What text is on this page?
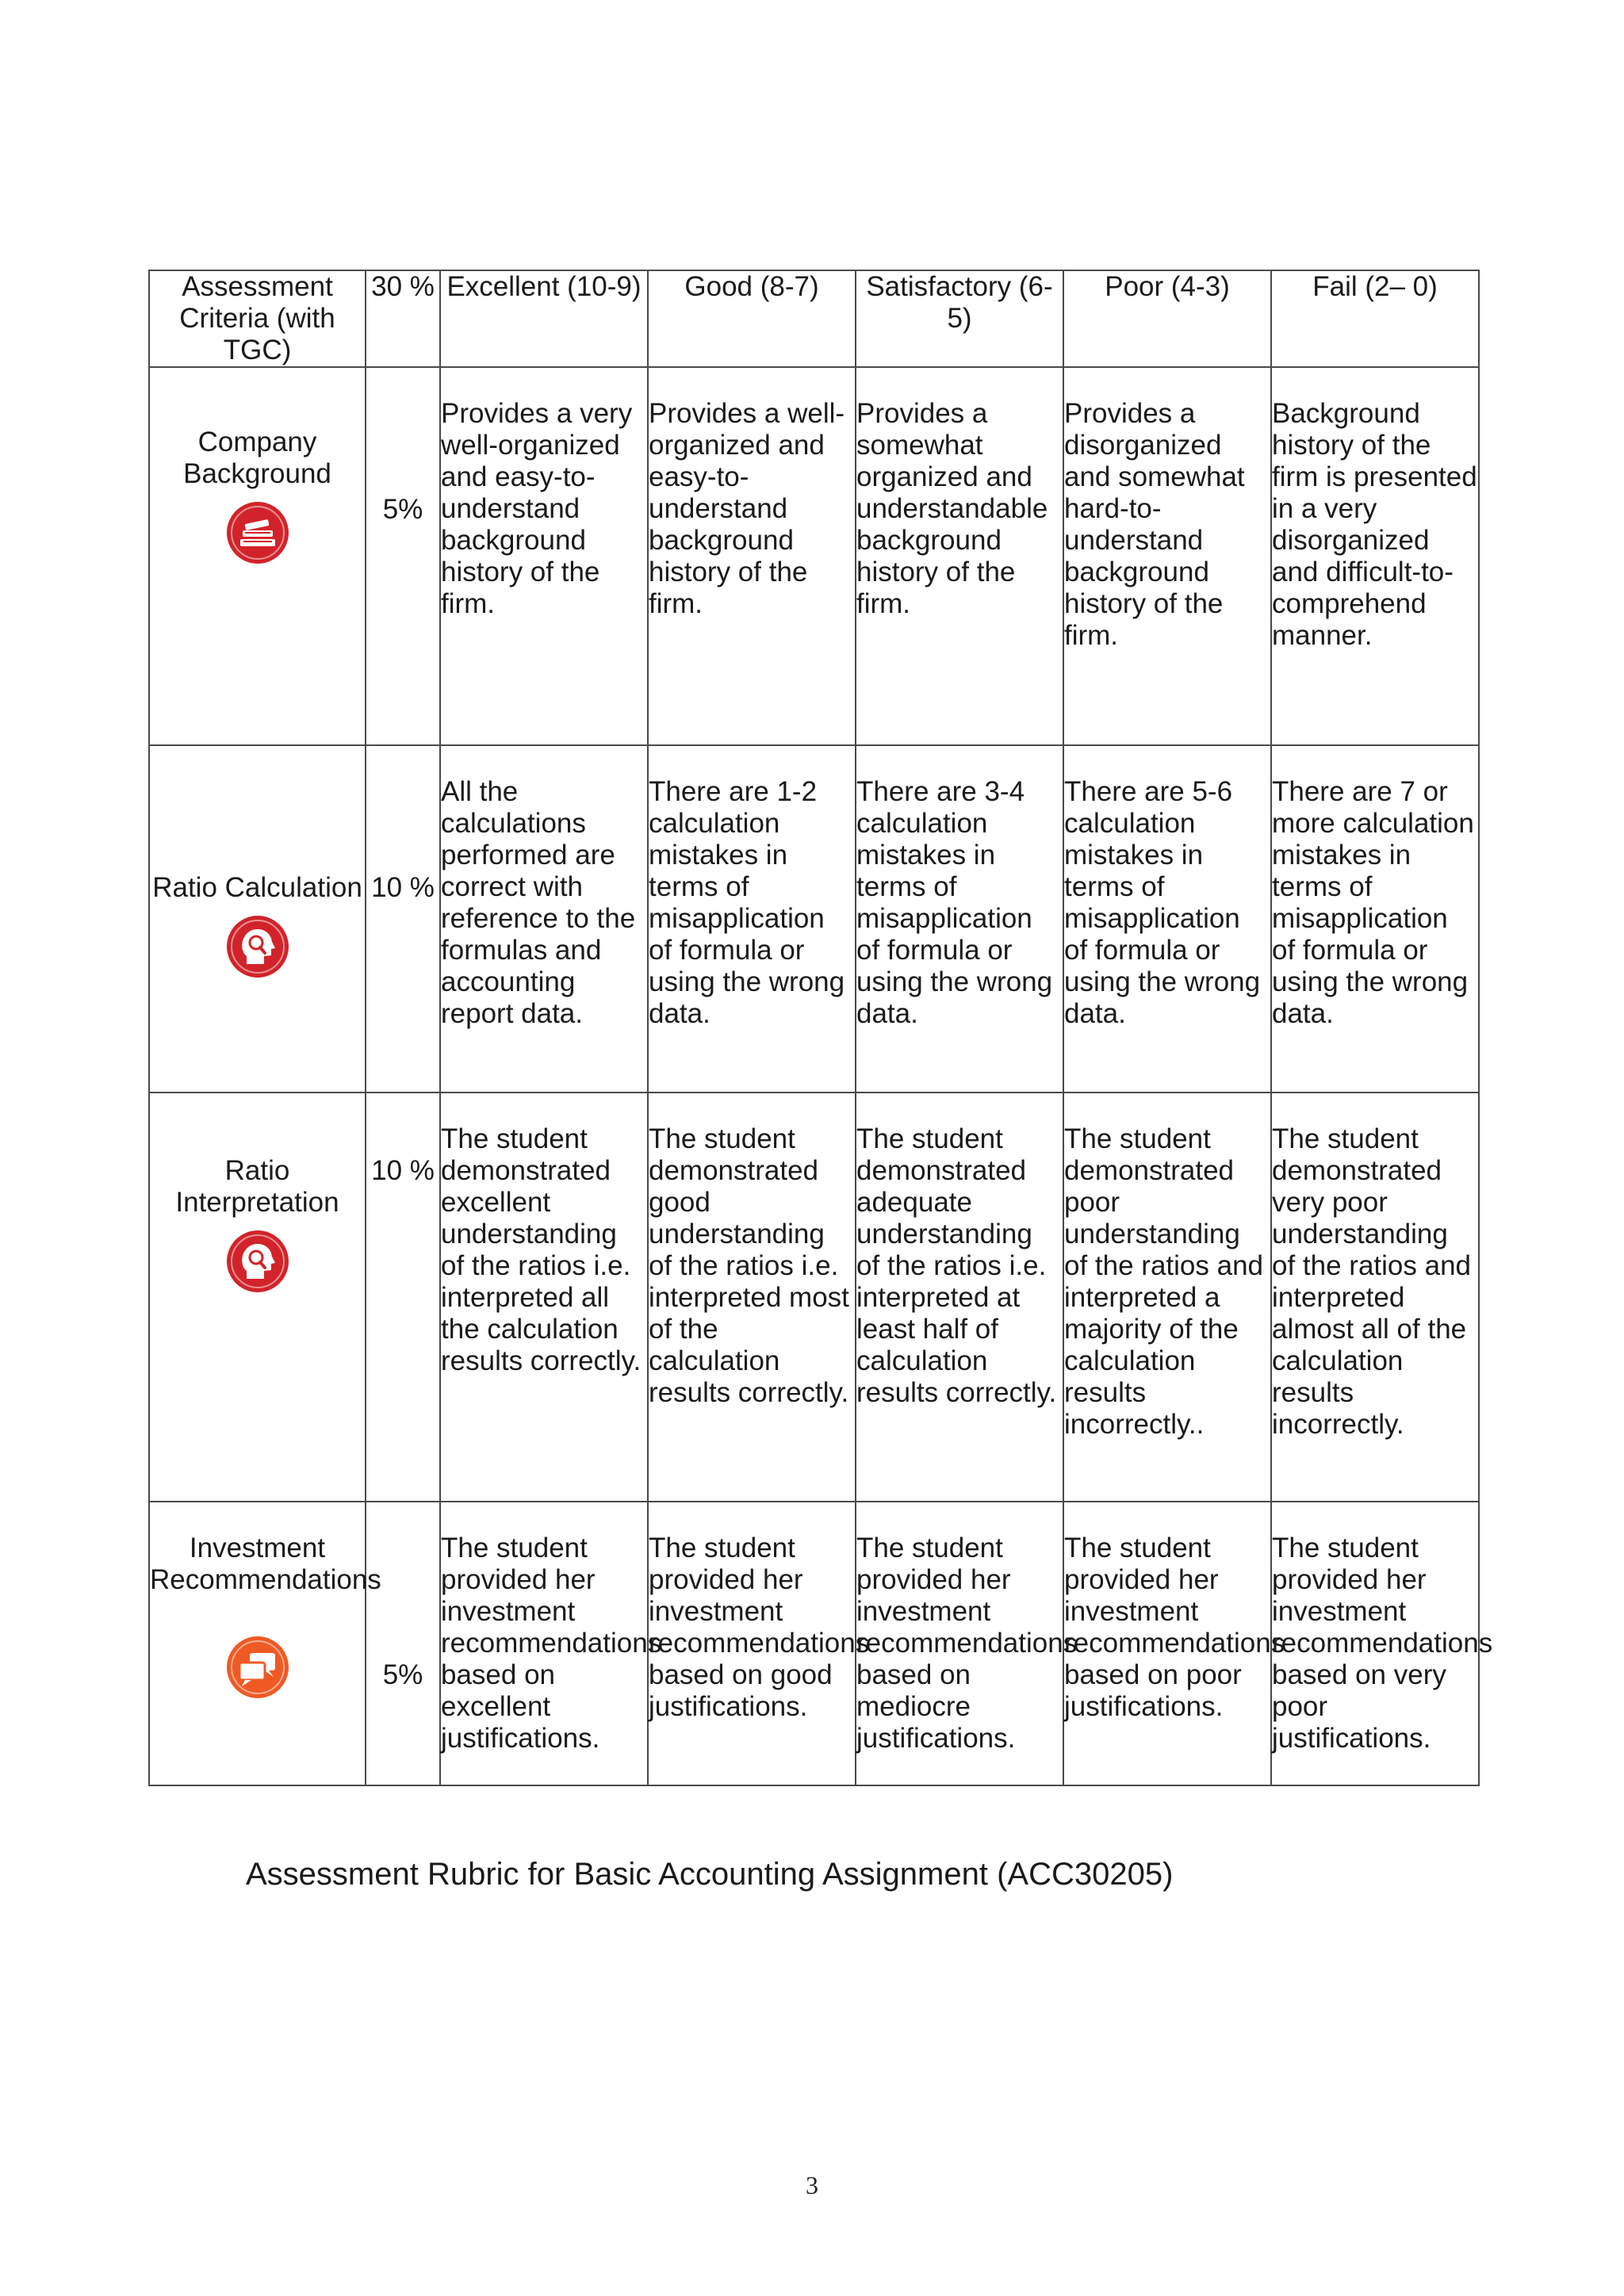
Assessment Criteria (with TGC)	30 %	Excellent (10-9)	Good (8-7)	Satisfactory (6-5)	Poor (4-3)	Fail (2– 0)

Company Background	5%	Provides a very well-organized and easy-to-understand background history of the firm.	Provides a well-organized and easy-to-understand background history of the firm.	Provides a somewhat organized and understandable background history of the firm.	Provides a disorganized and somewhat hard-to-understand background history of the firm.	Background history of the firm is presented in a very disorganized and difficult-to-comprehend manner.

Ratio Calculation	10 %	All the calculations performed are correct with reference to the formulas and accounting report data.	There are 1-2 calculation mistakes in terms of misapplication of formula or using the wrong data.	There are 3-4 calculation mistakes in terms of misapplication of formula or using the wrong data.	There are 5-6 calculation mistakes in terms of misapplication of formula or using the wrong data.	There are 7 or more calculation mistakes in terms of misapplication of formula or using the wrong data.

Ratio Interpretation	10 %	The student demonstrated excellent understanding of the ratios i.e. interpreted all the calculation results correctly.	The student demonstrated good understanding of the ratios i.e. interpreted most of the calculation results correctly.	The student demonstrated adequate understanding of the ratios i.e. interpreted at least half of calculation results correctly.	The student demonstrated poor understanding of the ratios and interpreted a majority of the calculation results incorrectly..	The student demonstrated very poor understanding of the ratios and interpreted almost all of the calculation results incorrectly.

Investment Recommendations	5%	The student provided her investment recommendations based on excellent justifications.	The student provided her investment recommendations based on good justifications.	The student provided her investment recommendations based on mediocre justifications.	The student provided her investment recommendations based on poor justifications.	The student provided her investment recommendations based on very poor justifications.
Assessment Rubric for Basic Accounting Assignment (ACC30205)
3
